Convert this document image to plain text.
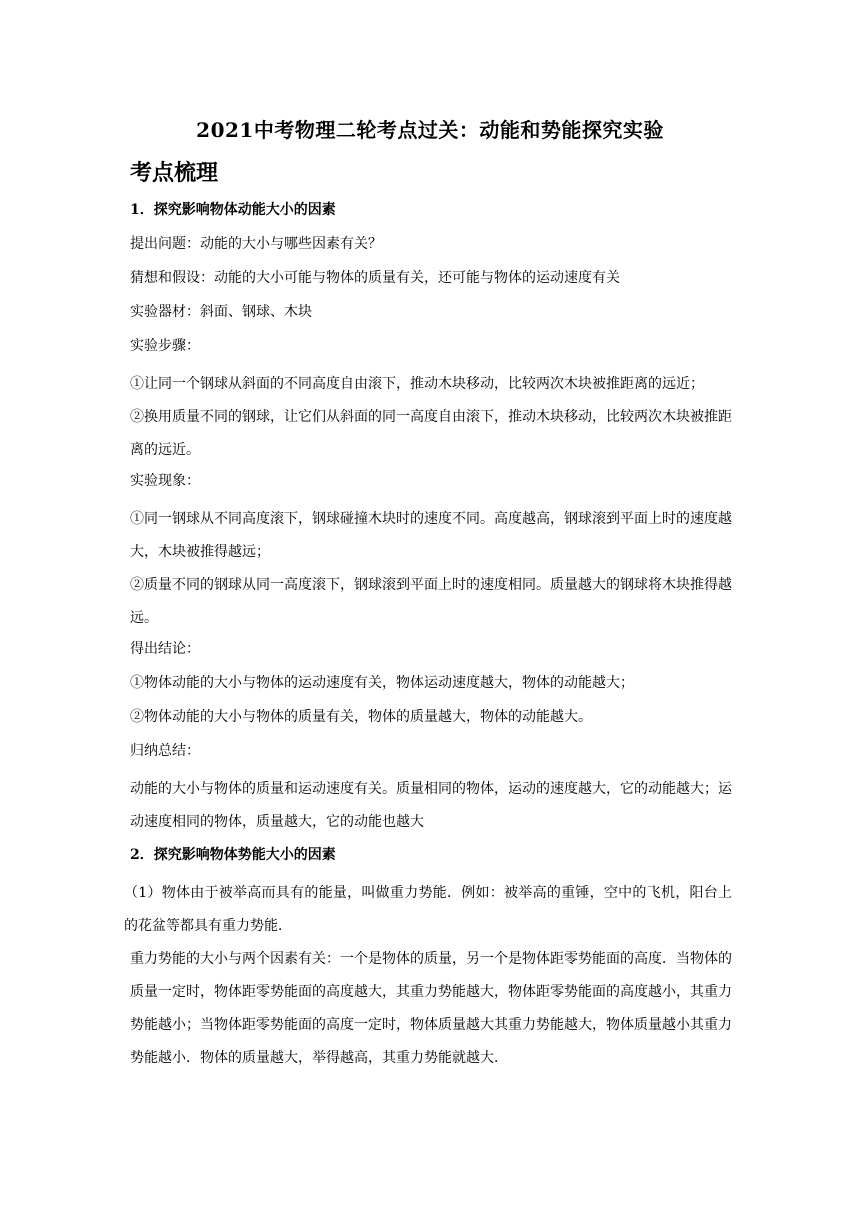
2021中考物理二轮考点过关：动能和势能探究实验
考点梳理
1．探究影响物体动能大小的因素

提出问题：动能的大小与哪些因素有关？

猜想和假设：动能的大小可能与物体的质量有关，还可能与物体的运动速度有关

实验器材：斜面、钢球、木块

实验步骤：

①让同一个钢球从斜面的不同高度自由滚下，推动木块移动，比较两次木块被推距离的远近；

②换用质量不同的钢球，让它们从斜面的同一高度自由滚下，推动木块移动，比较两次木块被推距离的远近。

实验现象：

①同一钢球从不同高度滚下，钢球碰撞木块时的速度不同。高度越高，钢球滚到平面上时的速度越大，木块被推得越远；

②质量不同的钢球从同一高度滚下，钢球滚到平面上时的速度相同。质量越大的钢球将木块推得越远。

得出结论：

①物体动能的大小与物体的运动速度有关，物体运动速度越大，物体的动能越大；

②物体动能的大小与物体的质量有关，物体的质量越大，物体的动能越大。

归纳总结：

动能的大小与物体的质量和运动速度有关。质量相同的物体，运动的速度越大，它的动能越大；运动速度相同的物体，质量越大，它的动能也越大

2．探究影响物体势能大小的因素

（1）物体由于被举高而具有的能量，叫做重力势能．例如：被举高的重锤，空中的飞机，阳台上的花盆等都具有重力势能．

重力势能的大小与两个因素有关：一个是物体的质量，另一个是物体距零势能面的高度．当物体的质量一定时，物体距零势能面的高度越大，其重力势能越大，物体距零势能面的高度越小，其重力势能越小；当物体距零势能面的高度一定时，物体质量越大其重力势能越大，物体质量越小其重力势能越小．物体的质量越大，举得越高，其重力势能就越大．
